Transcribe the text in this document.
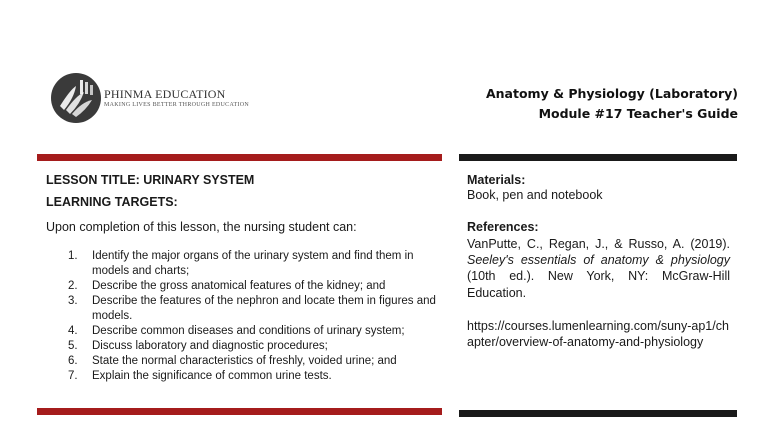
PHINMA EDUCATION
MAKING LIVES BETTER THROUGH EDUCATION
Anatomy & Physiology (Laboratory)
Module #17 Teacher's Guide
LESSON TITLE: URINARY SYSTEM
LEARNING TARGETS:
Upon completion of this lesson, the nursing student can:
1. Identify the major organs of the urinary system and find them in models and charts;
2. Describe the gross anatomical features of the kidney; and
3. Describe the features of the nephron and locate them in figures and models.
4. Describe common diseases and conditions of urinary system;
5. Discuss laboratory and diagnostic procedures;
6. State the normal characteristics of freshly, voided urine; and
7. Explain the significance of common urine tests.
Materials:
Book, pen and notebook
References:
VanPutte, C., Regan, J., & Russo, A. (2019). Seeley's essentials of anatomy & physiology (10th ed.). New York, NY: McGraw-Hill Education.
https://courses.lumenlearning.com/suny-ap1/chapter/overview-of-anatomy-and-physiology
